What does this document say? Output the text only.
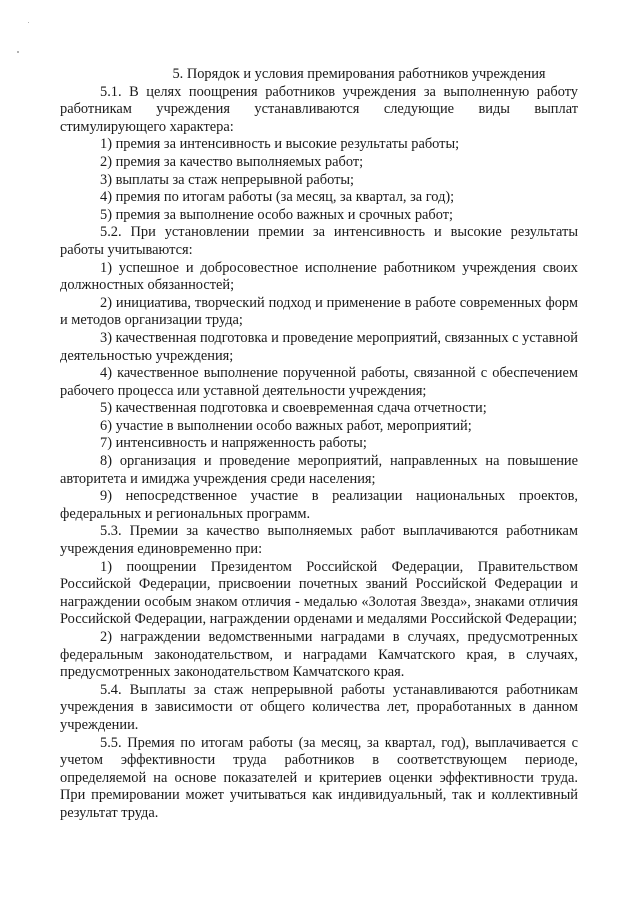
5. Порядок и условия премирования работников учреждения

5.1. В целях поощрения работников учреждения за выполненную работу работникам учреждения устанавливаются следующие виды выплат стимулирующего характера:

1) премия за интенсивность и высокие результаты работы;

2) премия за качество выполняемых работ;

3) выплаты за стаж непрерывной работы;

4) премия по итогам работы (за месяц, за квартал, за год);

5) премия за выполнение особо важных и срочных работ;

5.2. При установлении премии за интенсивность и высокие результаты работы учитываются:

1) успешное и добросовестное исполнение работником учреждения своих должностных обязанностей;

2) инициатива, творческий подход и применение в работе современных форм и методов организации труда;

3) качественная подготовка и проведение мероприятий, связанных с уставной деятельностью учреждения;

4) качественное выполнение порученной работы, связанной с обеспечением рабочего процесса или уставной деятельности учреждения;

5) качественная подготовка и своевременная сдача отчетности;

6) участие в выполнении особо важных работ, мероприятий;

7) интенсивность и напряженность работы;

8) организация и проведение мероприятий, направленных на повышение авторитета и имиджа учреждения среди населения;

9) непосредственное участие в реализации национальных проектов, федеральных и региональных программ.

5.3. Премии за качество выполняемых работ выплачиваются работникам учреждения единовременно при:

1) поощрении Президентом Российской Федерации, Правительством Российской Федерации, присвоении почетных званий Российской Федерации и награждении особым знаком отличия - медалью «Золотая Звезда», знаками отличия Российской Федерации, награждении орденами и медалями Российской Федерации;

2) награждении ведомственными наградами в случаях, предусмотренных федеральным законодательством, и наградами Камчатского края, в случаях, предусмотренных законодательством Камчатского края.

5.4. Выплаты за стаж непрерывной работы устанавливаются работникам учреждения в зависимости от общего количества лет, проработанных в данном учреждении.

5.5. Премия по итогам работы (за месяц, за квартал, год), выплачивается с учетом эффективности труда работников в соответствующем периоде, определяемой на основе показателей и критериев оценки эффективности труда. При премировании может учитываться как индивидуальный, так и коллективный результат труда.
